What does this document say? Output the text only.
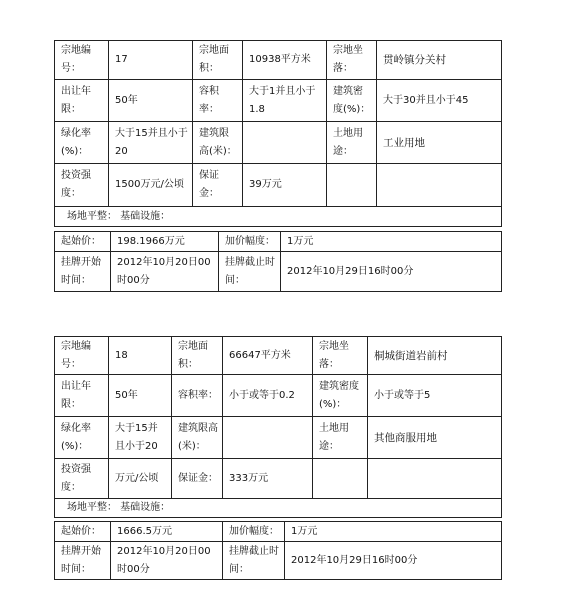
宗地编号：	17	宗地面积：	10938平方米	宗地坐落：	贯岭镇分关村
出让年限：	50年	容积率：	大于1并且小于1.8	建筑密度(%)：	大于30并且小于45
绿化率(%)：	大于15并且小于20	建筑限高(米)：		土地用途：	工业用地
投资强度：	1500万元/公顷	保证金：	39万元		
场地平整： 基础设施：					
起始价：	198.1966万元	加价幅度：	1万元
挂牌开始时间：	2012年10月20日00时00分	挂牌截止时间：	2012年10月29日16时00分
宗地编号：	18	宗地面积：	66647平方米	宗地坐落：	桐城街道岩前村
出让年限：	50年	容积率：	小于或等于0.2	建筑密度(%)：	小于或等于5
绿化率(%)：	大于15并且小于20	建筑限高(米)：		土地用途：	其他商服用地
投资强度：	万元/公顷	保证金：	333万元		
场地平整： 基础设施：					
起始价：	1666.5万元	加价幅度：	1万元
挂牌开始时间：	2012年10月20日00时00分	挂牌截止时间：	2012年10月29日16时00分
